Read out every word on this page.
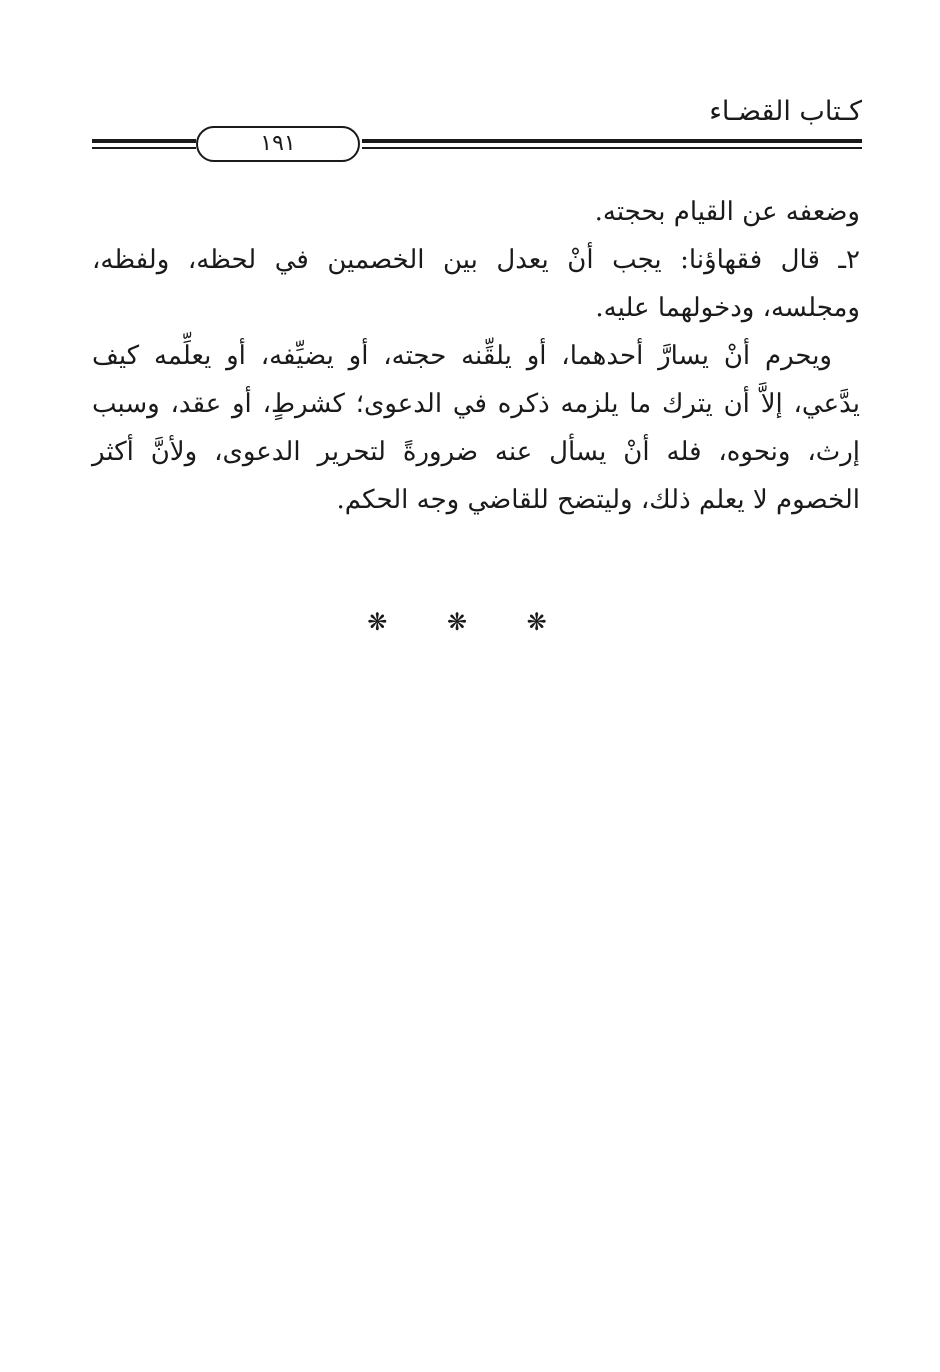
كـتاب القضـاء
١٩١

وضعفه عن القيام بحجته.

٢ـ قال فقهاؤنا: يجب أنْ يعدل بين الخصمين في لحظه، ولفظه، ومجلسه، ودخولهما عليه.

ويحرم أنْ يسارَّ أحدهما، أو يلقِّنه حجته، أو يضيِّفه، أو يعلِّمه كيف يدَّعي، إلاَّ أن يترك ما يلزمه ذكره في الدعوى؛ كشرطٍ، أو عقد، وسبب إرث، ونحوه، فله أنْ يسأل عنه ضرورةً لتحرير الدعوى، ولأنَّ أكثر الخصوم لا يعلم ذلك، وليتضح للقاضي وجه الحكم.

❋ ❋ ❋
